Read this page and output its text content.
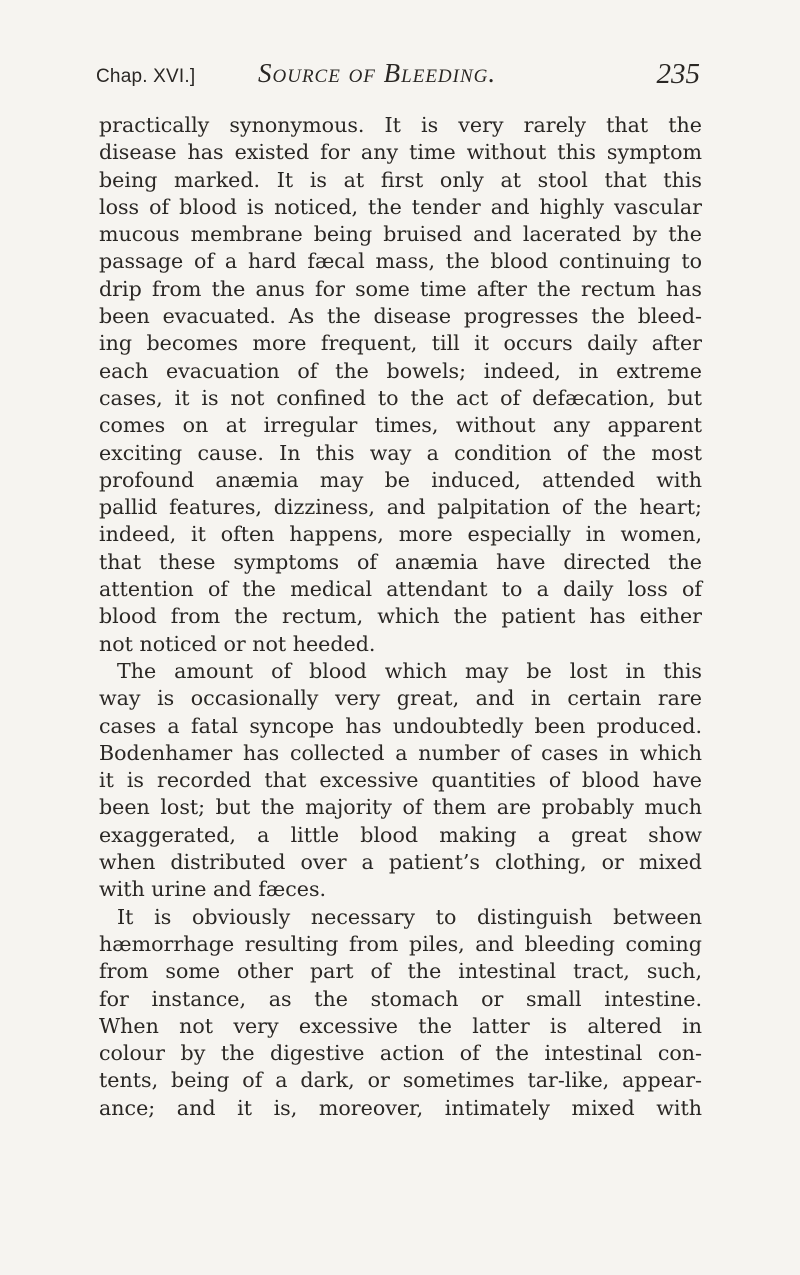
Chap. XVI.] Source of Bleeding.	235
practically synonymous. It is very rarely that the
disease has existed for any time without this symptom
being marked. It is at first only at stool that this
loss of blood is noticed, the tender and highly vascular
mucous membrane being bruised and lacerated by the
passage of a hard fæcal mass, the blood continuing to
drip from the anus for some time after the rectum has
been evacuated. As the disease progresses the bleed-
ing becomes more frequent, till it occurs daily after
each evacuation of the bowels; indeed, in extreme
cases, it is not confined to the act of defæcation, but
comes on at irregular times, without any apparent
exciting cause. In this way a condition of the most
profound anæmia may be induced, attended with
pallid features, dizziness, and palpitation of the heart;
indeed, it often happens, more especially in women,
that these symptoms of anæmia have directed the
attention of the medical attendant to a daily loss of
blood from the rectum, which the patient has either
not noticed or not heeded.
The amount of blood which may be lost in this
way is occasionally very great, and in certain rare
cases a fatal syncope has undoubtedly been produced.
Bodenhamer has collected a number of cases in which
it is recorded that excessive quantities of blood have
been lost; but the majority of them are probably much
exaggerated, a little blood making a great show
when distributed over a patient’s clothing, or mixed
with urine and fæces.
It is obviously necessary to distinguish between
hæmorrhage resulting from piles, and bleeding coming
from some other part of the intestinal tract, such,
for instance, as the stomach or small intestine.
When not very excessive the latter is altered in
colour by the digestive action of the intestinal con-
tents, being of a dark, or sometimes tar-like, appear-
ance; and it is, moreover, intimately mixed with
